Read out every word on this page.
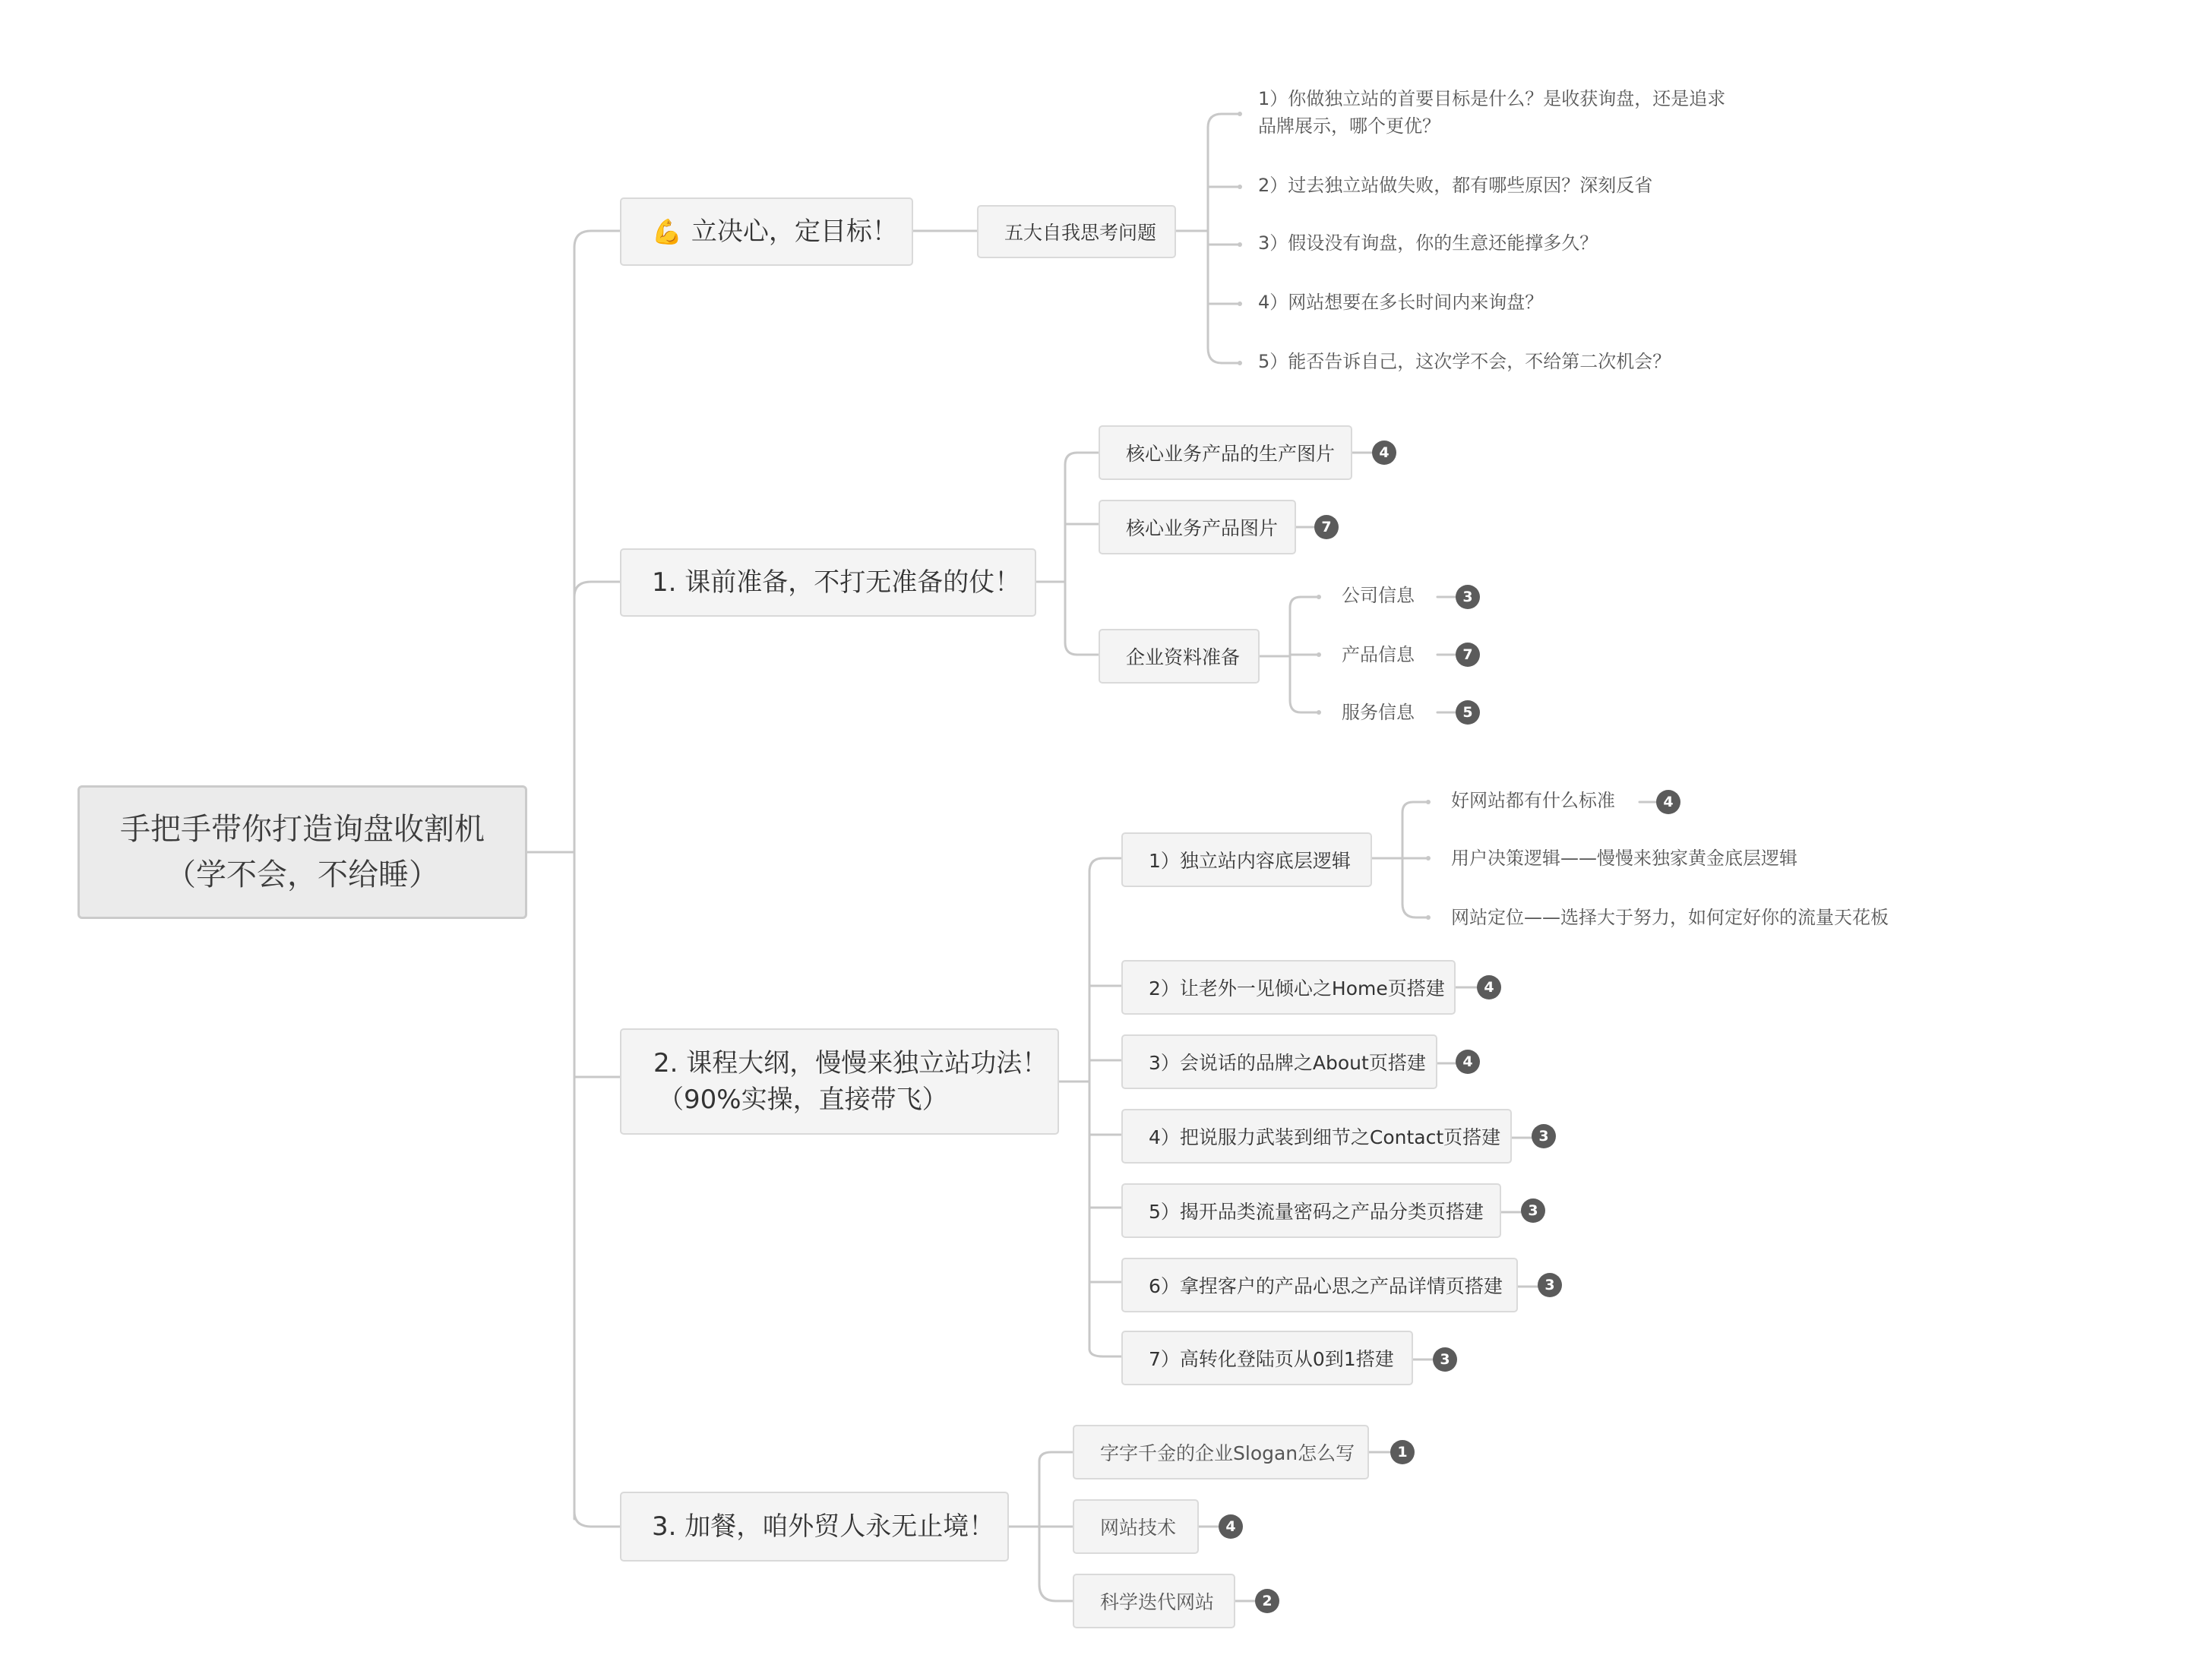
手把手带你打造询盘收割机
（学不会，不给睡）
💪 立决心，定目标！	五大自我思考问题
1）你做独立站的首要目标是什么？是收获询盘，还是追求品牌展示，哪个更优？
2）过去独立站做失败，都有哪些原因？深刻反省
3）假设没有询盘，你的生意还能撑多久？
4）网站想要在多长时间内来询盘？
5）能否告诉自己，这次学不会，不给第二次机会？
1. 课前准备，不打无准备的仗！
核心业务产品的生产图片	4
核心业务产品图片	7
企业资料准备
公司信息	3
产品信息	7
服务信息	5
2. 课程大纲，慢慢来独立站功法！
（90%实操，直接带飞）
1）独立站内容底层逻辑
好网站都有什么标准	4
用户决策逻辑——慢慢来独家黄金底层逻辑
网站定位——选择大于努力，如何定好你的流量天花板
2）让老外一见倾心之Home页搭建	4
3）会说话的品牌之About页搭建	4
4）把说服力武装到细节之Contact页搭建	3
5）揭开品类流量密码之产品分类页搭建	3
6）拿捏客户的产品心思之产品详情页搭建	3
7）高转化登陆页从0到1搭建	3
3. 加餐，咱外贸人永无止境！
字字千金的企业Slogan怎么写	1
网站技术	4
科学迭代网站	2
